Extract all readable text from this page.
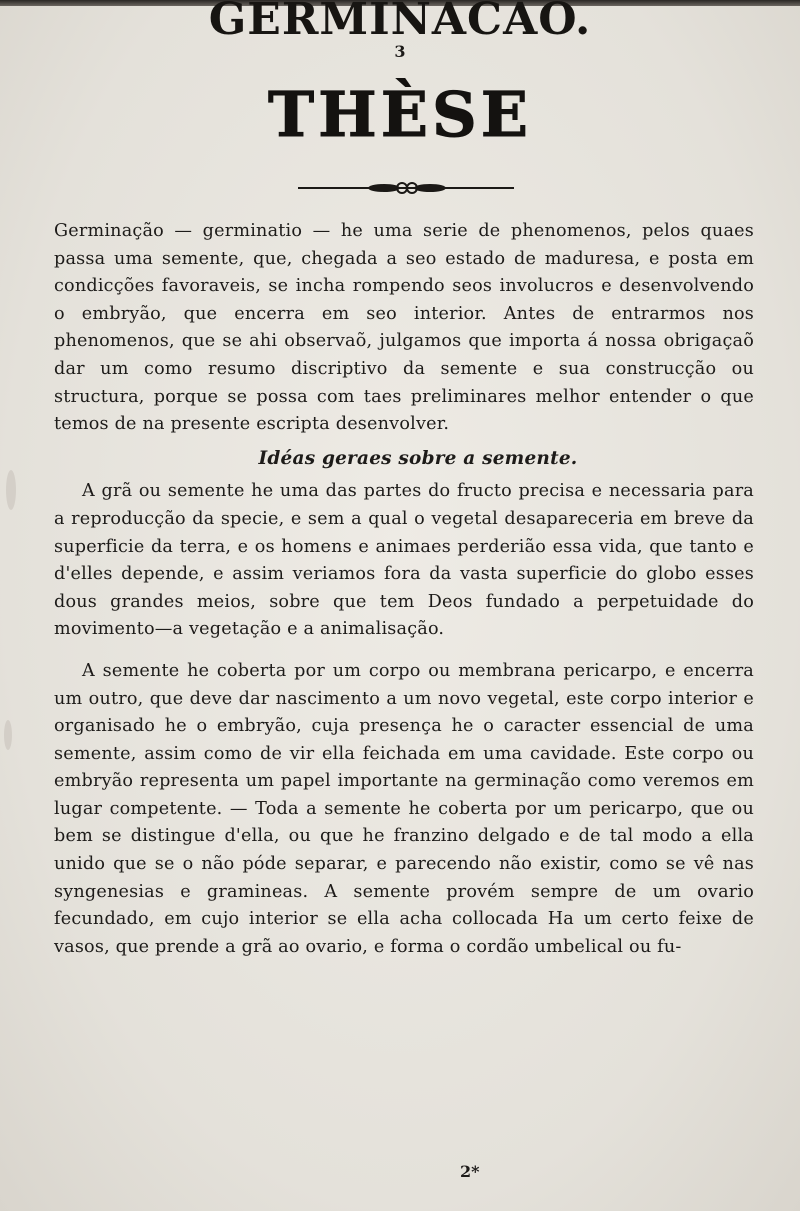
GERMINACAO.
3
THÈSE

Germinação — germinatio — he uma serie de phenomenos, pelos quaes passa uma semente, que, chegada a seo estado de madurеsa, e posta em condicções favoraveis, se incha rompendo seos involucros e desenvolvendo o embryão, que encerra em seo interior. Antes de entrarmos nos phenomenos, que se ahi observaõ, julgamos que importa á nossa obrigaçaõ dar um como resumo discriptivo da semente e sua construcção ou structura, porque se possa com taes preliminares melhor entender o que temos de na presente escripta desenvolver.

Idéas geraes sobre a semente.

A grã ou semente he uma das partes do fructo precisa e necessaria para a reproducção da specie, e sem a qual o vegetal desapareceria em breve da superficie da terra, e os homens e animaes perderião essa vida, que tanto e d'elles depende, e assim veriamos fora da vasta superficie do globo esses dous grandes meios, sobre que tem Deos fundado a perpetuidade do movimento—a vegetação e a animalisação.

A semente he coberta por um corpo ou membrana pericarpo, e encerra um outro, que deve dar nascimento a um novo vegetal, este corpo interior e organisado he o embryão, cuja presença he o caracter essencial de uma semente, assim como de vir ella feichada em uma cavidade. Este corpo ou embryão representa um papel importante na germinação como veremos em lugar competente. — Toda a semente he coberta por um pericarpo, que ou bem se distingue d'ella, ou que he franzino delgado e de tal modo a ella unido que se o não póde separar, e parecendo não existir, como se vê nas syngenesias e gramineas. A semente provém sempre de um ovario fecundado, em cujo interior se ella acha collocada Ha um certo feixe de vasos, que prende a grã ao ovario, e forma o cordão umbelical ou fu-

2*
